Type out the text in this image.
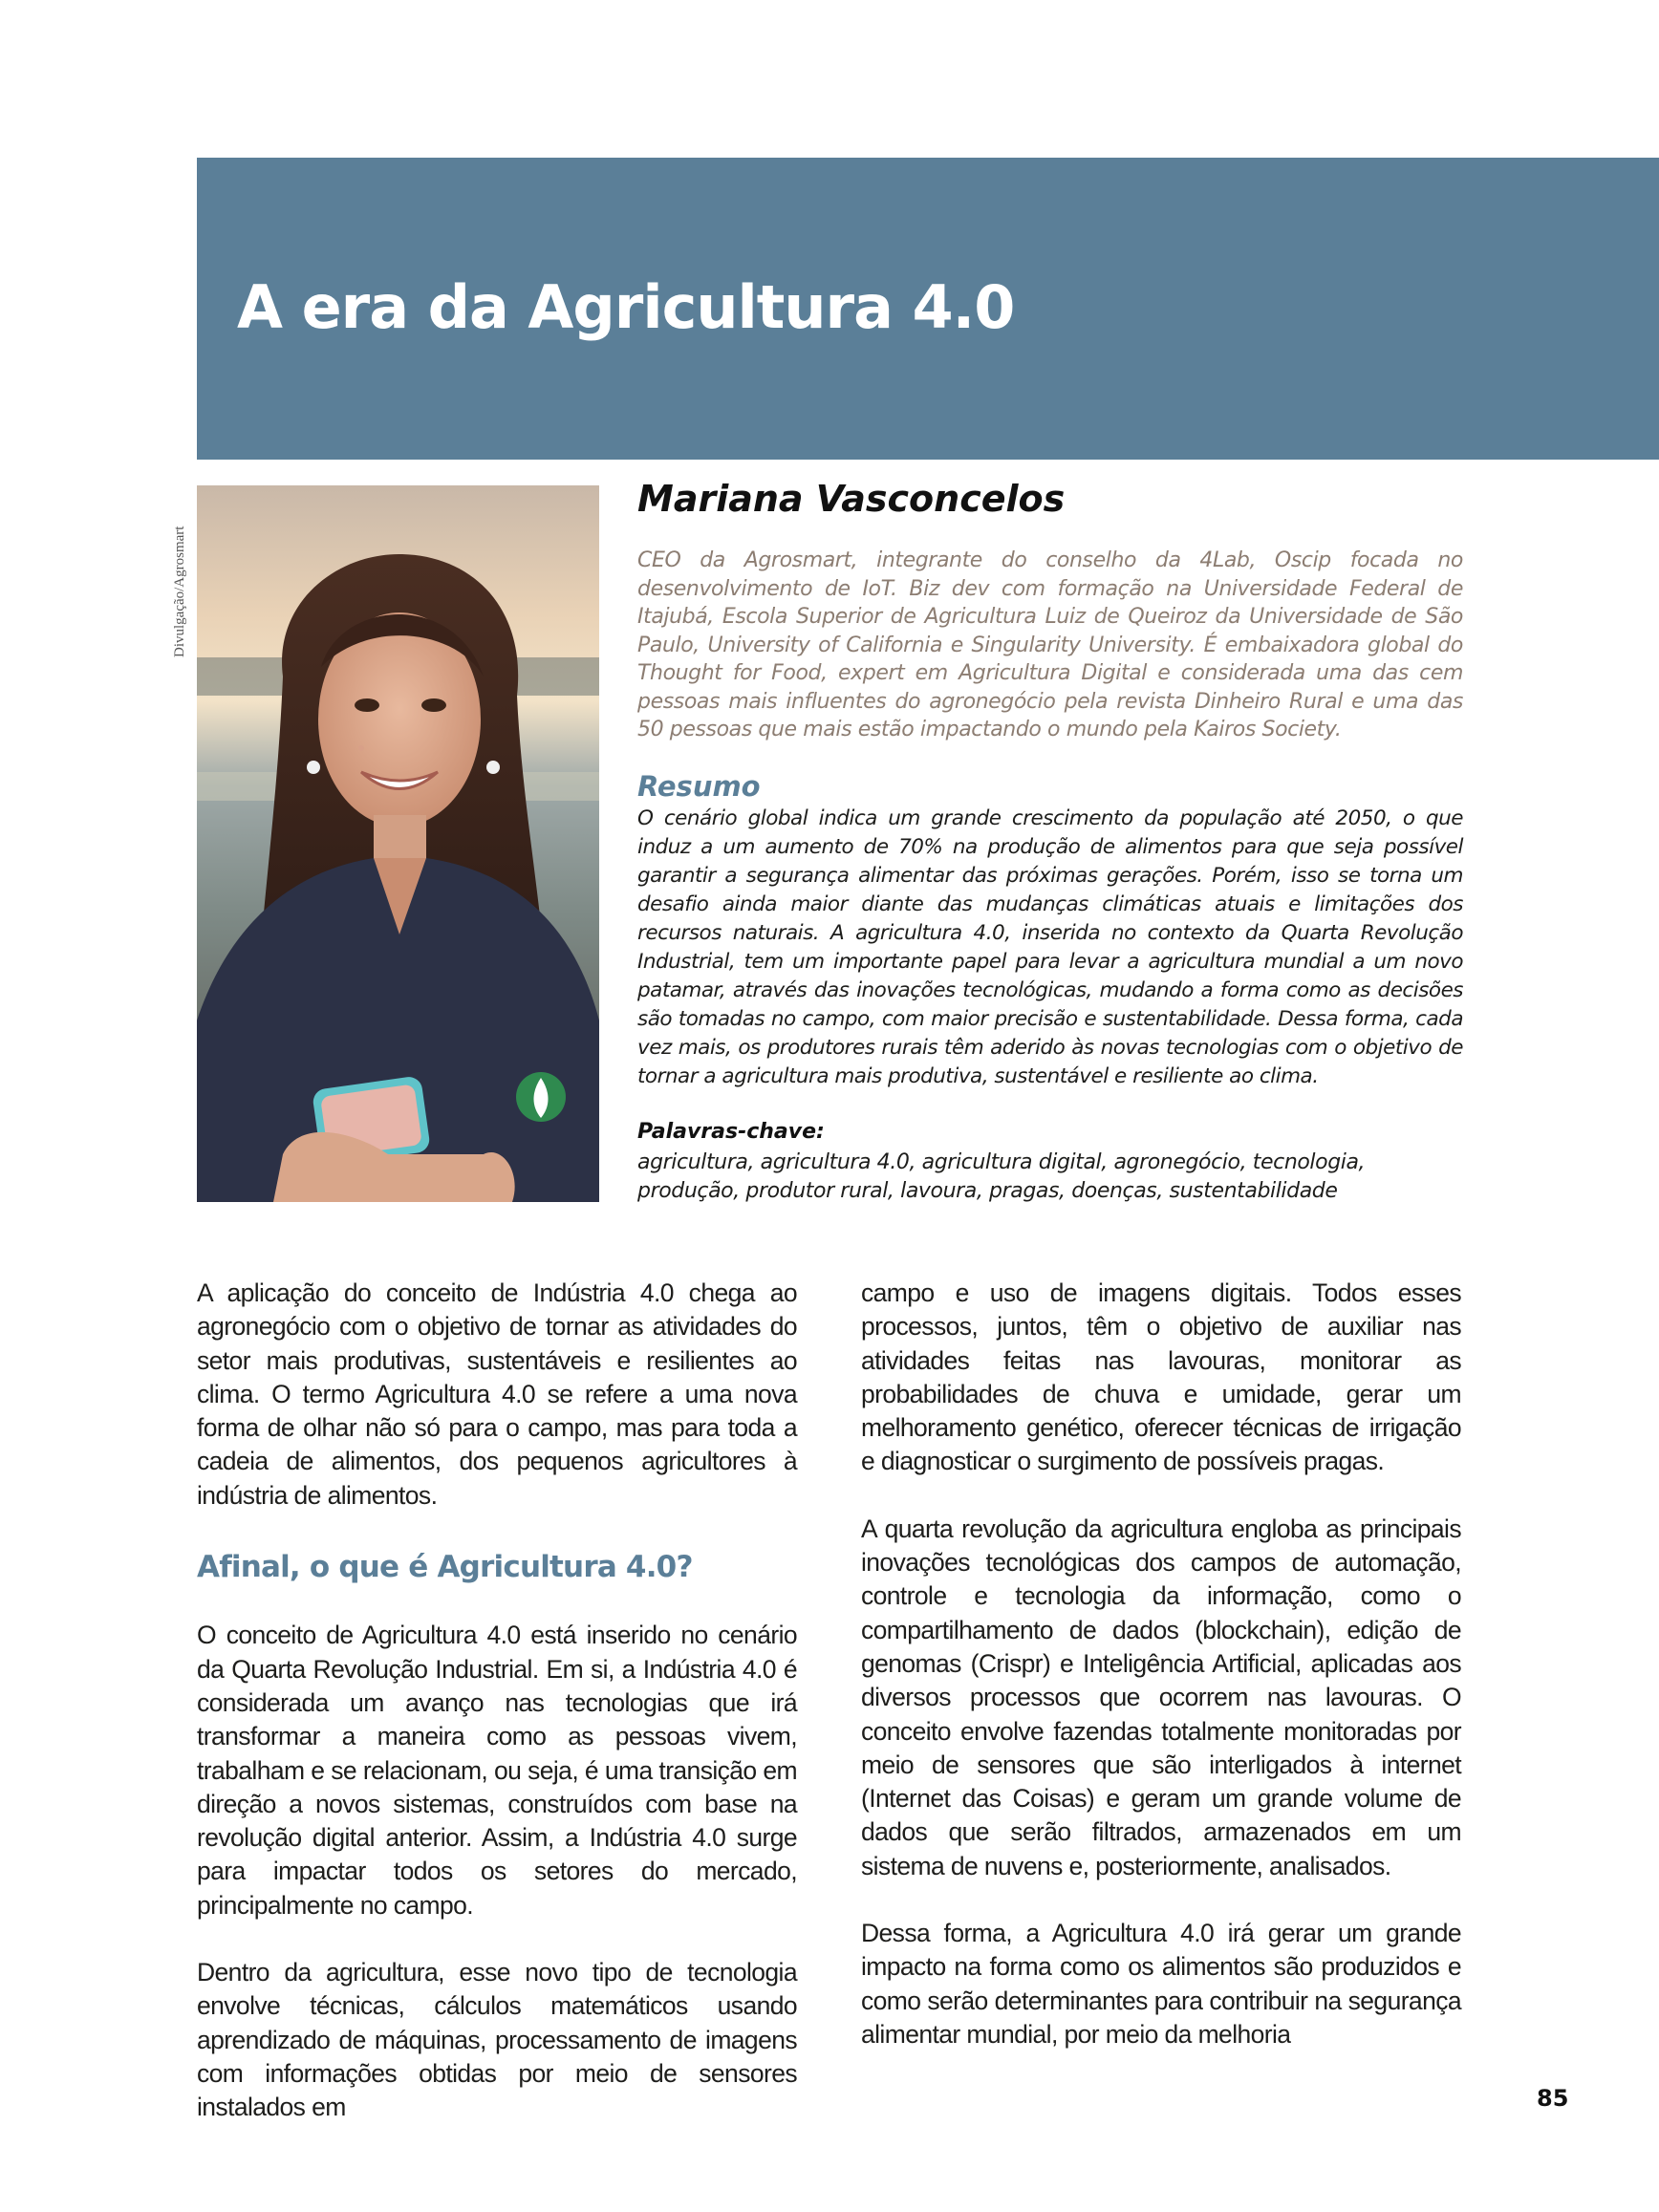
A era da Agricultura 4.0
Divulgação/Agrosmart
Mariana Vasconcelos

CEO da Agrosmart, integrante do conselho da 4Lab, Oscip focada no desenvolvimento de IoT. Biz dev com formação na Universidade Federal de Itajubá, Escola Superior de Agricultura Luiz de Queiroz da Universidade de São Paulo, University of California e Singularity University. É embaixadora global do Thought for Food, expert em Agricultura Digital e considerada uma das cem pessoas mais influentes do agronegócio pela revista Dinheiro Rural e uma das 50 pessoas que mais estão impactando o mundo pela Kairos Society.

Resumo

O cenário global indica um grande crescimento da população até 2050, o que induz a um aumento de 70% na produção de alimentos para que seja possível garantir a segurança alimentar das próximas gerações. Porém, isso se torna um desafio ainda maior diante das mudanças climáticas atuais e limitações dos recursos naturais. A agricultura 4.0, inserida no contexto da Quarta Revolução Industrial, tem um importante papel para levar a agricultura mundial a um novo patamar, através das inovações tecnológicas, mudando a forma como as decisões são tomadas no campo, com maior precisão e sustentabilidade. Dessa forma, cada vez mais, os produtores rurais têm aderido às novas tecnologias com o objetivo de tornar a agricultura mais produtiva, sustentável e resiliente ao clima.

Palavras-chave:

agricultura, agricultura 4.0, agricultura digital, agronegócio, tecnologia, produção, produtor rural, lavoura, pragas, doenças, sustentabilidade

A aplicação do conceito de Indústria 4.0 chega ao agronegócio com o objetivo de tornar as atividades do setor mais produtivas, sustentáveis e resilientes ao clima. O termo Agricultura 4.0 se refere a uma nova forma de olhar não só para o campo, mas para toda a cadeia de alimentos, dos pequenos agricultores à indústria de alimentos.

Afinal, o que é Agricultura 4.0?

O conceito de Agricultura 4.0 está inserido no cenário da Quarta Revolução Industrial. Em si, a Indústria 4.0 é considerada um avanço nas tecnologias que irá transformar a maneira como as pessoas vivem, trabalham e se relacionam, ou seja, é uma transição em direção a novos sistemas, construídos com base na revolução digital anterior. Assim, a Indústria 4.0 surge para impactar todos os setores do mercado, principalmente no campo.

Dentro da agricultura, esse novo tipo de tecnologia envolve técnicas, cálculos matemáticos usando aprendizado de máquinas, processamento de imagens com informações obtidas por meio de sensores instalados em

campo e uso de imagens digitais. Todos esses processos, juntos, têm o objetivo de auxiliar nas atividades feitas nas lavouras, monitorar as probabilidades de chuva e umidade, gerar um melhoramento genético, oferecer técnicas de irrigação e diagnosticar o surgimento de possíveis pragas.

A quarta revolução da agricultura engloba as principais inovações tecnológicas dos campos de automação, controle e tecnologia da informação, como o compartilhamento de dados (blockchain), edição de genomas (Crispr) e Inteligência Artificial, aplicadas aos diversos processos que ocorrem nas lavouras. O conceito envolve fazendas totalmente monitoradas por meio de sensores que são interligados à internet (Internet das Coisas) e geram um grande volume de dados que serão filtrados, armazenados em um sistema de nuvens e, posteriormente, analisados.

Dessa forma, a Agricultura 4.0 irá gerar um grande impacto na forma como os alimentos são produzidos e como serão determinantes para contribuir na segurança alimentar mundial, por meio da melhoria

85
